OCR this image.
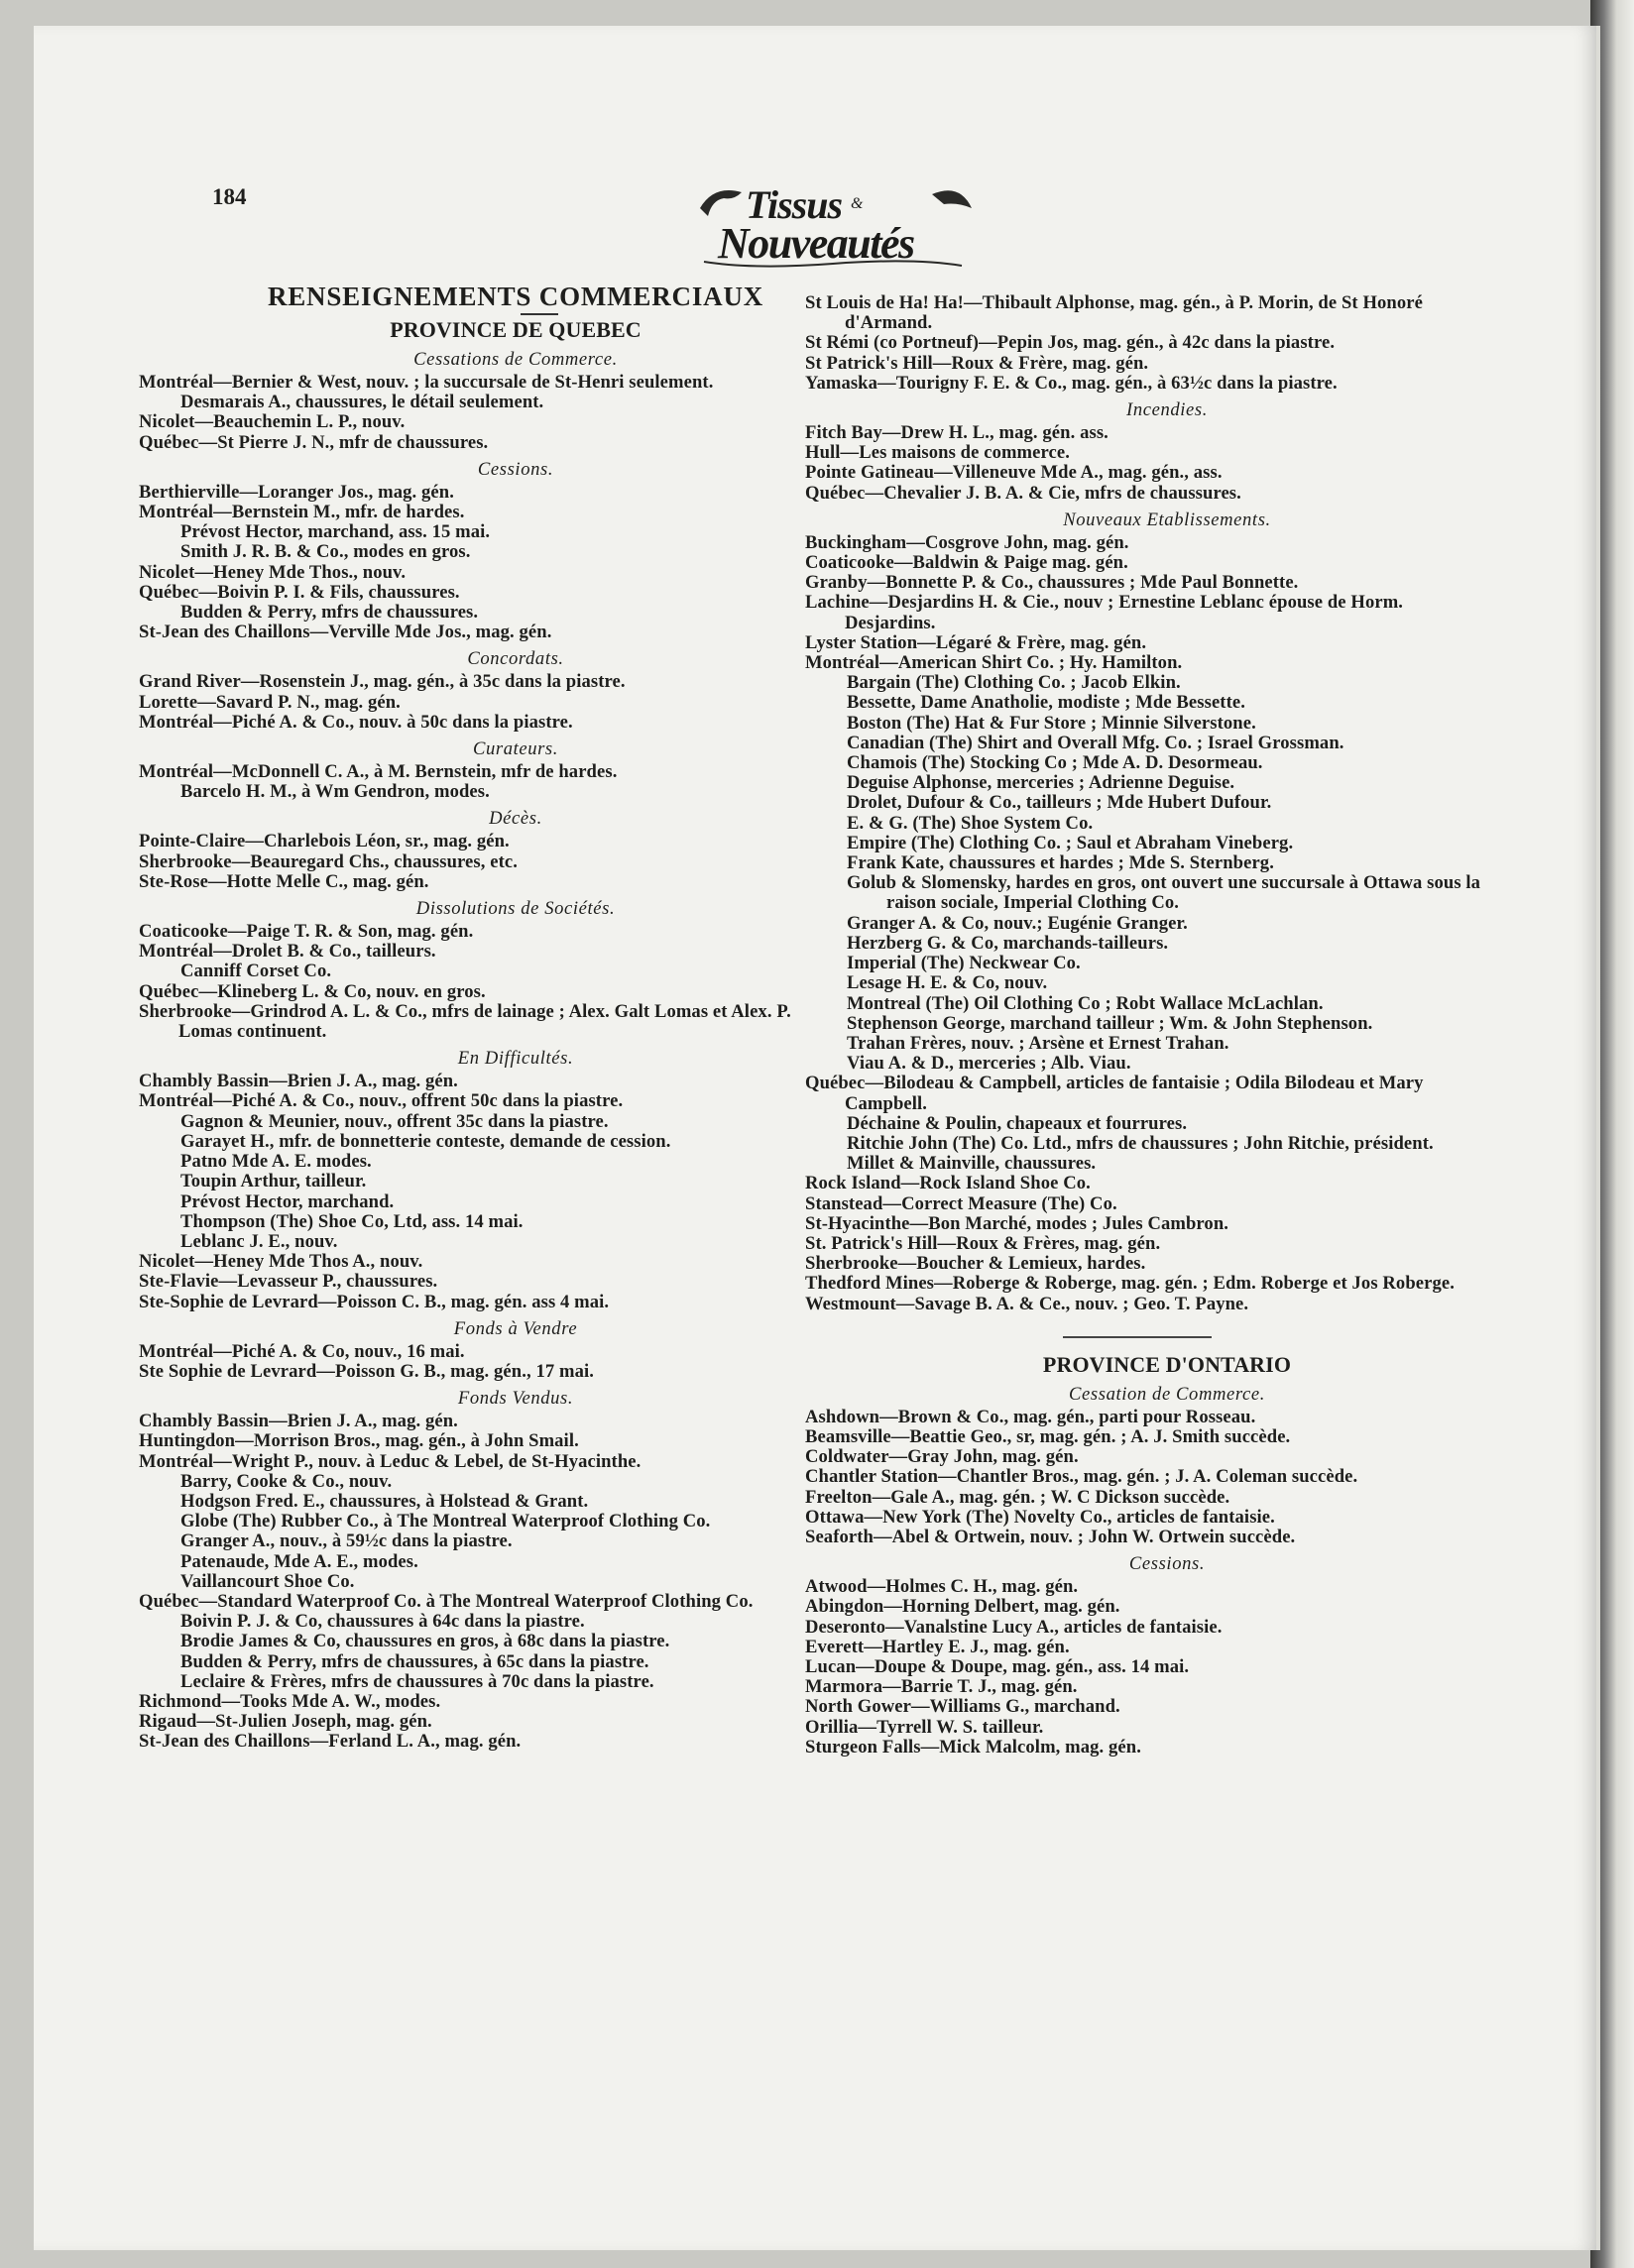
184	Tissus &
Nouveautés
RENSEIGNEMENTS COMMERCIAUX
PROVINCE DE QUEBEC
Cessations de Commerce.
Montréal—Bernier & West, nouv. ; la succursale de St-Henri seulement.
Desmarais A., chaussures, le détail seulement.
Nicolet—Beauchemin L. P., nouv.
Québec—St Pierre J. N., mfr de chaussures.
Cessions.
Berthierville—Loranger Jos., mag. gén.
Montréal—Bernstein M., mfr. de hardes.
Prévost Hector, marchand, ass. 15 mai.
Smith J. R. B. & Co., modes en gros.
Nicolet—Heney Mde Thos., nouv.
Québec—Boivin P. I. & Fils, chaussures.
Budden & Perry, mfrs de chaussures.
St-Jean des Chaillons—Verville Mde Jos., mag. gén.
Concordats.
Grand River—Rosenstein J., mag. gén., à 35c dans la piastre.
Lorette—Savard P. N., mag. gén.
Montréal—Piché A. & Co., nouv. à 50c dans la piastre.
Curateurs.
Montréal—McDonnell C. A., à M. Bernstein, mfr de hardes.
Barcelo H. M., à Wm Gendron, modes.
Décès.
Pointe-Claire—Charlebois Léon, sr., mag. gén.
Sherbrooke—Beauregard Chs., chaussures, etc.
Ste-Rose—Hotte Melle C., mag. gén.
Dissolutions de Sociétés.
Coaticooke—Paige T. R. & Son, mag. gén.
Montréal—Drolet B. & Co., tailleurs.
Canniff Corset Co.
Québec—Klineberg L. & Co, nouv. en gros.
Sherbrooke—Grindrod A. L. & Co., mfrs de lainage ; Alex. Galt Lomas et Alex. P. Lomas continuent.
En Difficultés.
Chambly Bassin—Brien J. A., mag. gén.
Montréal—Piché A. & Co., nouv., offrent 50c dans la piastre.
Gagnon & Meunier, nouv., offrent 35c dans la piastre.
Garayet H., mfr. de bonnetterie conteste, demande de cession.
Patno Mde A. E. modes.
Toupin Arthur, tailleur.
Prévost Hector, marchand.
Thompson (The) Shoe Co, Ltd, ass. 14 mai.
Leblanc J. E., nouv.
Nicolet—Heney Mde Thos A., nouv.
Ste-Flavie—Levasseur P., chaussures.
Ste-Sophie de Levrard—Poisson C. B., mag. gén. ass 4 mai.
Fonds à Vendre
Montréal—Piché A. & Co, nouv., 16 mai.
Ste Sophie de Levrard—Poisson G. B., mag. gén., 17 mai.
Fonds Vendus.
Chambly Bassin—Brien J. A., mag. gén.
Huntingdon—Morrison Bros., mag. gén., à John Smail.
Montréal—Wright P., nouv. à Leduc & Lebel, de St-Hyacinthe.
Barry, Cooke & Co., nouv.
Hodgson Fred. E., chaussures, à Holstead & Grant.
Globe (The) Rubber Co., à The Montreal Waterproof Clothing Co.
Granger A., nouv., à 59½c dans la piastre.
Patenaude, Mde A. E., modes.
Vaillancourt Shoe Co.
Québec—Standard Waterproof Co. à The Montreal Waterproof Clothing Co.
Boivin P. J. & Co, chaussures à 64c dans la piastre.
Brodie James & Co, chaussures en gros, à 68c dans la piastre.
Budden & Perry, mfrs de chaussures, à 65c dans la piastre.
Leclaire & Frères, mfrs de chaussures à 70c dans la piastre.
Richmond—Tooks Mde A. W., modes.
Rigaud—St-Julien Joseph, mag. gén.
St-Jean des Chaillons—Ferland L. A., mag. gén.
St Louis de Ha! Ha!—Thibault Alphonse, mag. gén., à P. Morin, de St Honoré d'Armand.
St Rémi (co Portneuf)—Pepin Jos, mag. gén., à 42c dans la piastre.
St Patrick's Hill—Roux & Frère, mag. gén.
Yamaska—Tourigny F. E. & Co., mag. gén., à 63½c dans la piastre.
Incendies.
Fitch Bay—Drew H. L., mag. gén. ass.
Hull—Les maisons de commerce.
Pointe Gatineau—Villeneuve Mde A., mag. gén., ass.
Québec—Chevalier J. B. A. & Cie, mfrs de chaussures.
Nouveaux Etablissements.
Buckingham—Cosgrove John, mag. gén.
Coaticooke—Baldwin & Paige mag. gén.
Granby—Bonnette P. & Co., chaussures ; Mde Paul Bonnette.
Lachine—Desjardins H. & Cie., nouv ; Ernestine Leblanc épouse de Horm. Desjardins.
Lyster Station—Légaré & Frère, mag. gén.
Montréal—American Shirt Co. ; Hy. Hamilton.
Bargain (The) Clothing Co. ; Jacob Elkin.
Bessette, Dame Anatholie, modiste ; Mde Bessette.
Boston (The) Hat & Fur Store ; Minnie Silverstone.
Canadian (The) Shirt and Overall Mfg. Co. ; Israel Grossman.
Chamois (The) Stocking Co ; Mde A. D. Desormeau.
Deguise Alphonse, merceries ; Adrienne Deguise.
Drolet, Dufour & Co., tailleurs ; Mde Hubert Dufour.
E. & G. (The) Shoe System Co.
Empire (The) Clothing Co. ; Saul et Abraham Vineberg.
Frank Kate, chaussures et hardes ; Mde S. Sternberg.
Golub & Slomensky, hardes en gros, ont ouvert une succursale à Ottawa sous la raison sociale, Imperial Clothing Co.
Granger A. & Co, nouv.; Eugénie Granger.
Herzberg G. & Co, marchands-tailleurs.
Imperial (The) Neckwear Co.
Lesage H. E. & Co, nouv.
Montreal (The) Oil Clothing Co ; Robt Wallace McLachlan.
Stephenson George, marchand tailleur ; Wm. & John Stephenson.
Trahan Frères, nouv. ; Arsène et Ernest Trahan.
Viau A. & D., merceries ; Alb. Viau.
Québec—Bilodeau & Campbell, articles de fantaisie ; Odila Bilodeau et Mary Campbell.
Déchaine & Poulin, chapeaux et fourrures.
Ritchie John (The) Co. Ltd., mfrs de chaussures ; John Ritchie, président.
Millet & Mainville, chaussures.
Rock Island—Rock Island Shoe Co.
Stanstead—Correct Measure (The) Co.
St-Hyacinthe—Bon Marché, modes ; Jules Cambron.
St. Patrick's Hill—Roux & Frères, mag. gén.
Sherbrooke—Boucher & Lemieux, hardes.
Thedford Mines—Roberge & Roberge, mag. gén. ; Edm. Roberge et Jos Roberge.
Westmount—Savage B. A. & Ce., nouv. ; Geo. T. Payne.
PROVINCE D'ONTARIO
Cessation de Commerce.
Ashdown—Brown & Co., mag. gén., parti pour Rosseau.
Beamsville—Beattie Geo., sr, mag. gén. ; A. J. Smith succède.
Coldwater—Gray John, mag. gén.
Chantler Station—Chantler Bros., mag. gén. ; J. A. Coleman succède.
Freelton—Gale A., mag. gén. ; W. C Dickson succède.
Ottawa—New York (The) Novelty Co., articles de fantaisie.
Seaforth—Abel & Ortwein, nouv. ; John W. Ortwein succède.
Cessions.
Atwood—Holmes C. H., mag. gén.
Abingdon—Horning Delbert, mag. gén.
Deseronto—Vanalstine Lucy A., articles de fantaisie.
Everett—Hartley E. J., mag. gén.
Lucan—Doupe & Doupe, mag. gén., ass. 14 mai.
Marmora—Barrie T. J., mag. gén.
North Gower—Williams G., marchand.
Orillia—Tyrrell W. S. tailleur.
Sturgeon Falls—Mick Malcolm, mag. gén.
